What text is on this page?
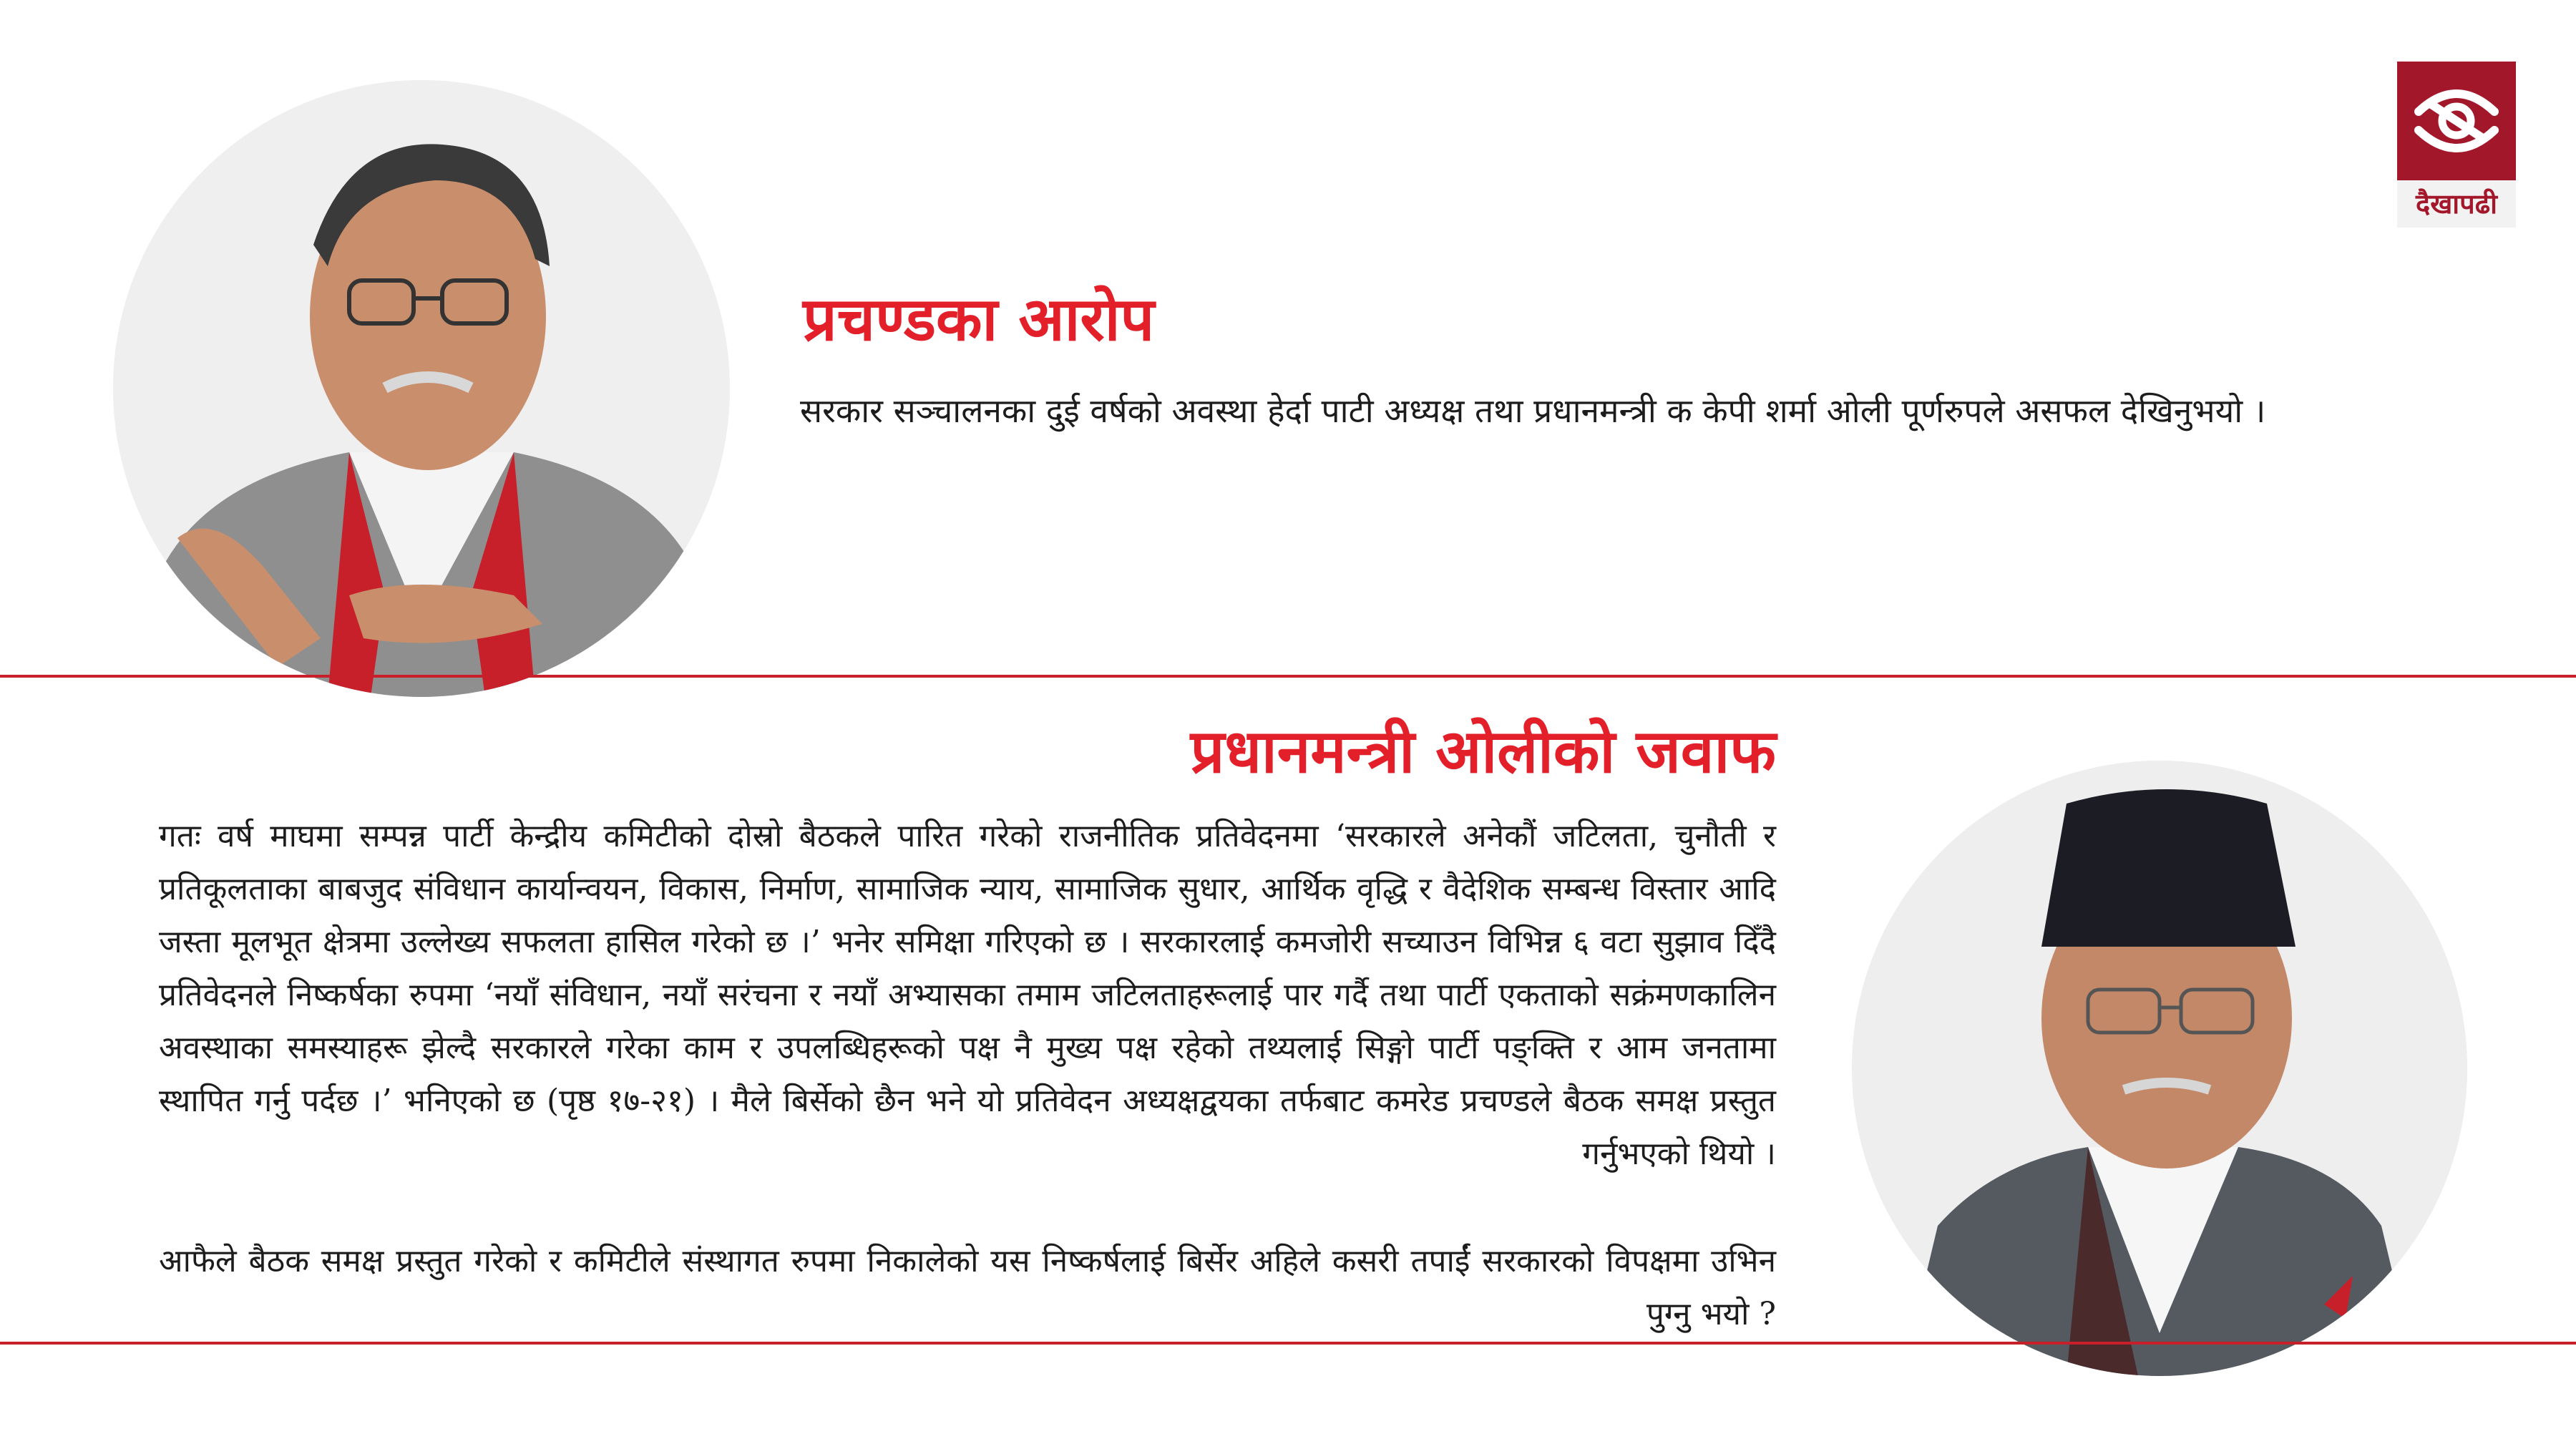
दैखापढी
प्रचण्डका आरोप

सरकार सञ्चालनका दुई वर्षको अवस्था हेर्दा पाटी अध्यक्ष तथा प्रधानमन्त्री क केपी शर्मा ओली पूर्णरुपले असफल देखिनुभयो ।

प्रधानमन्त्री ओलीको जवाफ

गतः वर्ष माघमा सम्पन्न पार्टी केन्द्रीय कमिटीको दोस्रो बैठकले पारित गरेको राजनीतिक प्रतिवेदनमा ‘सरकारले अनेकौं जटिलता, चुनौती र प्रतिकूलताका बाबजुद संविधान कार्यान्वयन, विकास, निर्माण, सामाजिक न्याय, सामाजिक सुधार, आर्थिक वृद्धि र वैदेशिक सम्बन्ध विस्तार आदि जस्ता मूलभूत क्षेत्रमा उल्लेख्य सफलता हासिल गरेको छ ।’ भनेर समिक्षा गरिएको छ । सरकारलाई कमजोरी सच्याउन विभिन्न ६ वटा सुझाव दिँदै प्रतिवेदनले निष्कर्षका रुपमा ‘नयाँ संविधान, नयाँ सरंचना र नयाँ अभ्यासका तमाम जटिलताहरूलाई पार गर्दै तथा पार्टी एकताको सक्रंमणकालिन अवस्थाका समस्याहरू झेल्दै सरकारले गरेका काम र उपलब्धिहरूको पक्ष नै मुख्य पक्ष रहेको तथ्यलाई सिङ्गो पार्टी पङ्क्ति र आम जनतामा स्थापित गर्नु पर्दछ ।’ भनिएको छ (पृष्ठ १७-२१) । मैले बिर्सेको छैन भने यो प्रतिवेदन अध्यक्षद्वयका तर्फबाट कमरेड प्रचण्डले बैठक समक्ष प्रस्तुत गर्नुभएको थियो ।

आफैले बैठक समक्ष प्रस्तुत गरेको र कमिटीले संस्थागत रुपमा निकालेको यस निष्कर्षलाई बिर्सेर अहिले कसरी तपाईं सरकारको विपक्षमा उभिन पुग्नु भयो ?
